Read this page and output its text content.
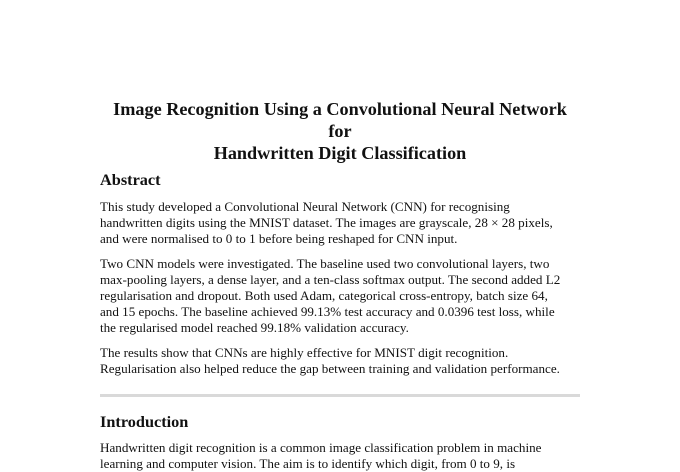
Image Recognition Using a Convolutional Neural Network for
Handwritten Digit Classification
Abstract

This study developed a Convolutional Neural Network (CNN) for recognising
handwritten digits using the MNIST dataset. The images are grayscale, 28 × 28 pixels,
and were normalised to 0 to 1 before being reshaped for CNN input.

Two CNN models were investigated. The baseline used two convolutional layers, two
max-pooling layers, a dense layer, and a ten-class softmax output. The second added L2
regularisation and dropout. Both used Adam, categorical cross-entropy, batch size 64,
and 15 epochs. The baseline achieved 99.13% test accuracy and 0.0396 test loss, while
the regularised model reached 99.18% validation accuracy.

The results show that CNNs are highly effective for MNIST digit recognition.
Regularisation also helped reduce the gap between training and validation performance.

Introduction

Handwritten digit recognition is a common image classification problem in machine
learning and computer vision. The aim is to identify which digit, from 0 to 9, is
